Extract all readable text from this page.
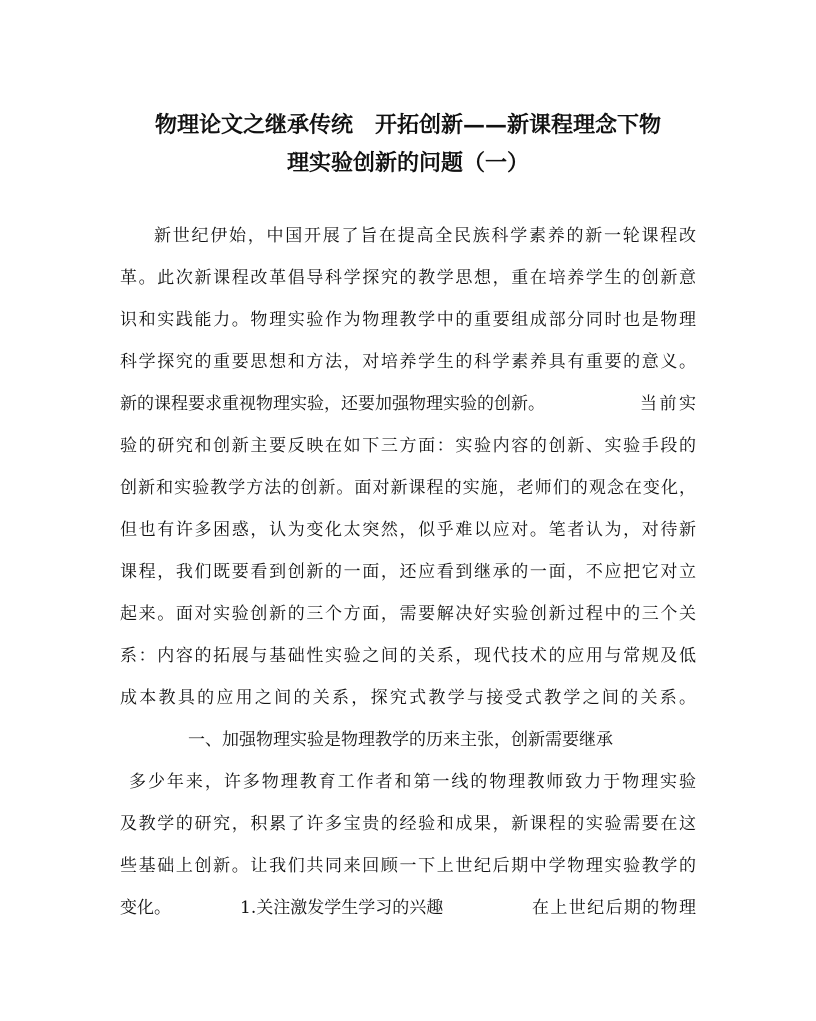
物理论文之继承传统 开拓创新——新课程理念下物
理实验创新的问题（一）
新世纪伊始，中国开展了旨在提高全民族科学素养的新一轮课程改
革。此次新课程改革倡导科学探究的教学思想，重在培养学生的创新意
识和实践能力。物理实验作为物理教学中的重要组成部分同时也是物理
科学探究的重要思想和方法，对培养学生的科学素养具有重要的意义。
新的课程要求重视物理实验，还要加强物理实验的创新。	当前实
验的研究和创新主要反映在如下三方面：实验内容的创新、实验手段的
创新和实验教学方法的创新。面对新课程的实施，老师们的观念在变化，
但也有许多困惑，认为变化太突然，似乎难以应对。笔者认为，对待新
课程，我们既要看到创新的一面，还应看到继承的一面，不应把它对立
起来。面对实验创新的三个方面，需要解决好实验创新过程中的三个关
系：内容的拓展与基础性实验之间的关系，现代技术的应用与常规及低
成本教具的应用之间的关系，探究式教学与接受式教学之间的关系。
一、加强物理实验是物理教学的历来主张，创新需要继承
多少年来，许多物理教育工作者和第一线的物理教师致力于物理实验
及教学的研究，积累了许多宝贵的经验和成果，新课程的实验需要在这
些基础上创新。让我们共同来回顾一下上世纪后期中学物理实验教学的
变化。	1.关注激发学生学习的兴趣	在上世纪后期的物理
